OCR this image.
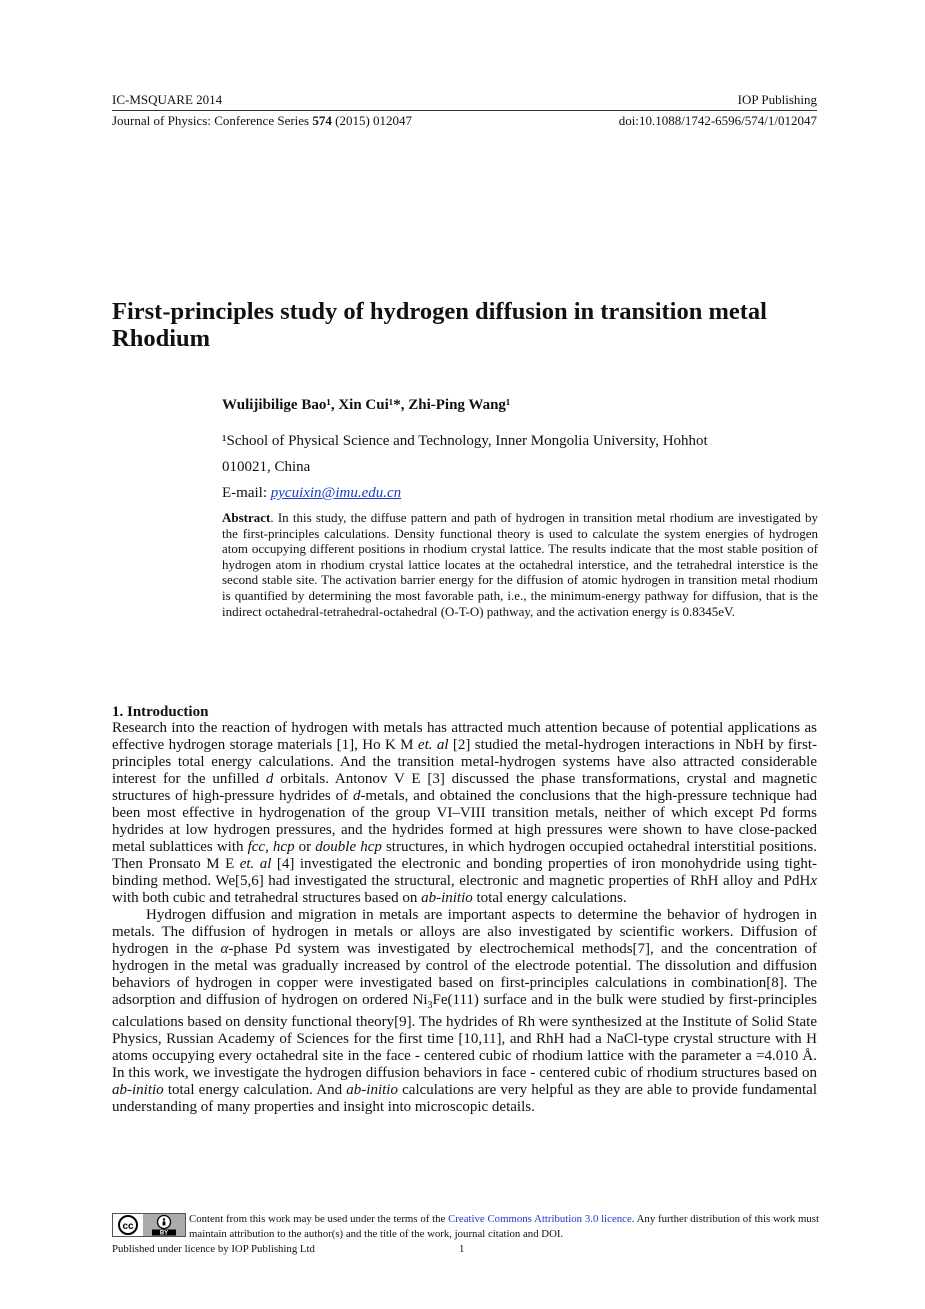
IC-MSQUARE 2014	IOP Publishing
Journal of Physics: Conference Series 574 (2015) 012047	doi:10.1088/1742-6596/574/1/012047
First-principles study of hydrogen diffusion in transition metal Rhodium
Wulijibilige Bao¹, Xin Cui¹*, Zhi-Ping Wang¹
¹School of Physical Science and Technology, Inner Mongolia University, Hohhot
010021, China
E-mail: pycuixin@imu.edu.cn
Abstract. In this study, the diffuse pattern and path of hydrogen in transition metal rhodium are investigated by the first-principles calculations. Density functional theory is used to calculate the system energies of hydrogen atom occupying different positions in rhodium crystal lattice. The results indicate that the most stable position of hydrogen atom in rhodium crystal lattice locates at the octahedral interstice, and the tetrahedral interstice is the second stable site. The activation barrier energy for the diffusion of atomic hydrogen in transition metal rhodium is quantified by determining the most favorable path, i.e., the minimum-energy pathway for diffusion, that is the indirect octahedral-tetrahedral-octahedral (O-T-O) pathway, and the activation energy is 0.8345eV.
1. Introduction

Research into the reaction of hydrogen with metals has attracted much attention because of potential applications as effective hydrogen storage materials [1], Ho K M et. al [2] studied the metal-hydrogen interactions in NbH by first-principles total energy calculations. And the transition metal-hydrogen systems have also attracted considerable interest for the unfilled d orbitals. Antonov V E [3] discussed the phase transformations, crystal and magnetic structures of high-pressure hydrides of d-metals, and obtained the conclusions that the high-pressure technique had been most effective in hydrogenation of the group VI–VIII transition metals, neither of which except Pd forms hydrides at low hydrogen pressures, and the hydrides formed at high pressures were shown to have close-packed metal sublattices with fcc, hcp or double hcp structures, in which hydrogen occupied octahedral interstitial positions. Then Pronsato M E et. al [4] investigated the electronic and bonding properties of iron monohydride using tight-binding method. We[5,6] had investigated the structural, electronic and magnetic properties of RhH alloy and PdHx with both cubic and tetrahedral structures based on ab-initio total energy calculations.

Hydrogen diffusion and migration in metals are important aspects to determine the behavior of hydrogen in metals. The diffusion of hydrogen in metals or alloys are also investigated by scientific workers. Diffusion of hydrogen in the α-phase Pd system was investigated by electrochemical methods[7], and the concentration of hydrogen in the metal was gradually increased by control of the electrode potential. The dissolution and diffusion behaviors of hydrogen in copper were investigated based on first-principles calculations in combination[8]. The adsorption and diffusion of hydrogen on ordered $Ni_3Fe(111)$ surface and in the bulk were studied by first-principles calculations based on density functional theory[9]. The hydrides of Rh were synthesized at the Institute of Solid State Physics, Russian Academy of Sciences for the first time [10,11], and RhH had a NaCl-type crystal structure with H atoms occupying every octahedral site in the face - centered cubic of rhodium lattice with the parameter a =4.010 Å. In this work, we investigate the hydrogen diffusion behaviors in face - centered cubic of rhodium structures based on ab-initio total energy calculation. And ab-initio calculations are very helpful as they are able to provide fundamental understanding of many properties and insight into microscopic details.

cc
BY
Content from this work may be used under the terms of the Creative Commons Attribution 3.0 licence. Any further distribution of this work must maintain attribution to the author(s) and the title of the work, journal citation and DOI.
Published under licence by IOP Publishing Ltd	1
